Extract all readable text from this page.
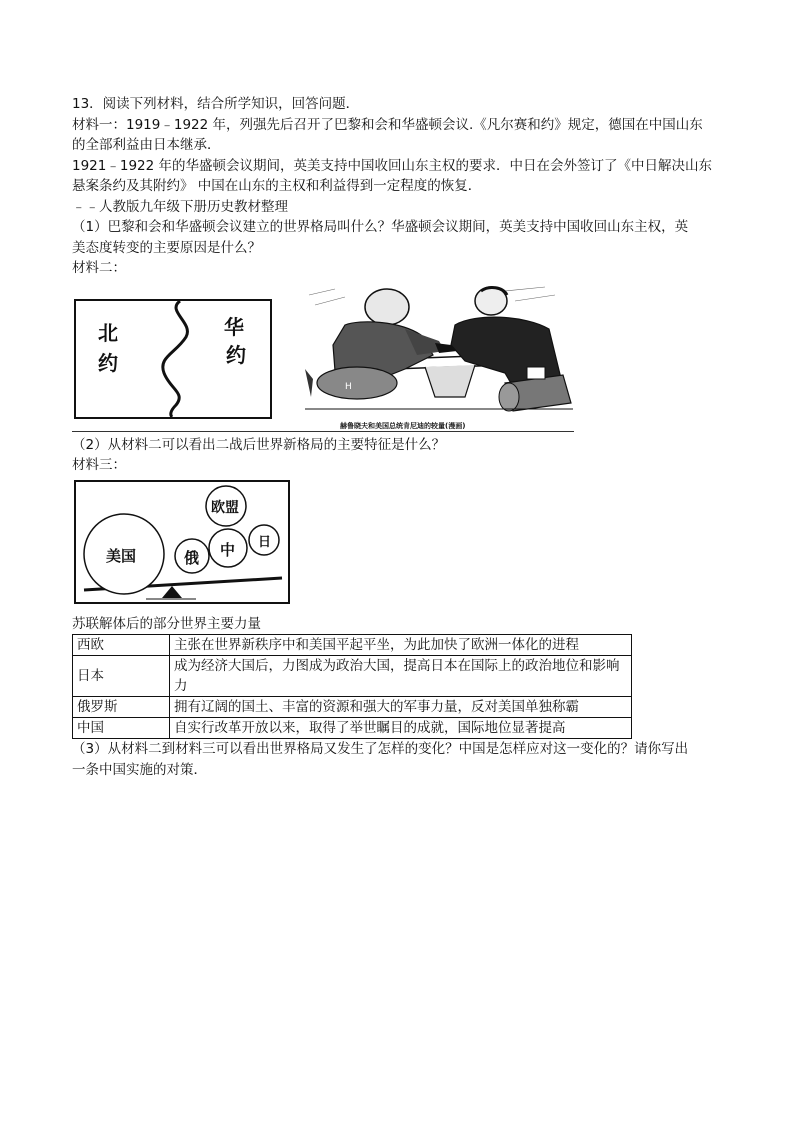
13．阅读下列材料，结合所学知识，回答问题．
材料一：1919﹣1922 年，列强先后召开了巴黎和会和华盛顿会议.《凡尔赛和约》规定，德国在中国山东
的全部利益由日本继承．
1921﹣1922 年的华盛顿会议期间，英美支持中国收回山东主权的要求．中日在会外签订了《中日解决山东
悬案条约及其附约》 中国在山东的主权和利益得到一定程度的恢复．
﹣﹣人教版九年级下册历史教材整理
（1）巴黎和会和华盛顿会议建立的世界格局叫什么？华盛顿会议期间，英美支持中国收回山东主权，英
美态度转变的主要原因是什么？
材料二：
北
约
华
约
H
赫鲁晓夫和美国总统肯尼迪的较量(漫画)
（2）从材料二可以看出二战后世界新格局的主要特征是什么？
材料三：
美国	俄 中
欧盟
日
苏联解体后的部分世界主要力量
西欧	主张在世界新秩序中和美国平起平坐，为此加快了欧洲一体化的进程
日本	成为经济大国后，力图成为政治大国，提高日本在国际上的政治地位和影响力
俄罗斯	拥有辽阔的国土、丰富的资源和强大的军事力量，反对美国单独称霸
中国	自实行改革开放以来，取得了举世瞩目的成就，国际地位显著提高
（3）从材料二到材料三可以看出世界格局又发生了怎样的变化？中国是怎样应对这一变化的？请你写出
一条中国实施的对策．
